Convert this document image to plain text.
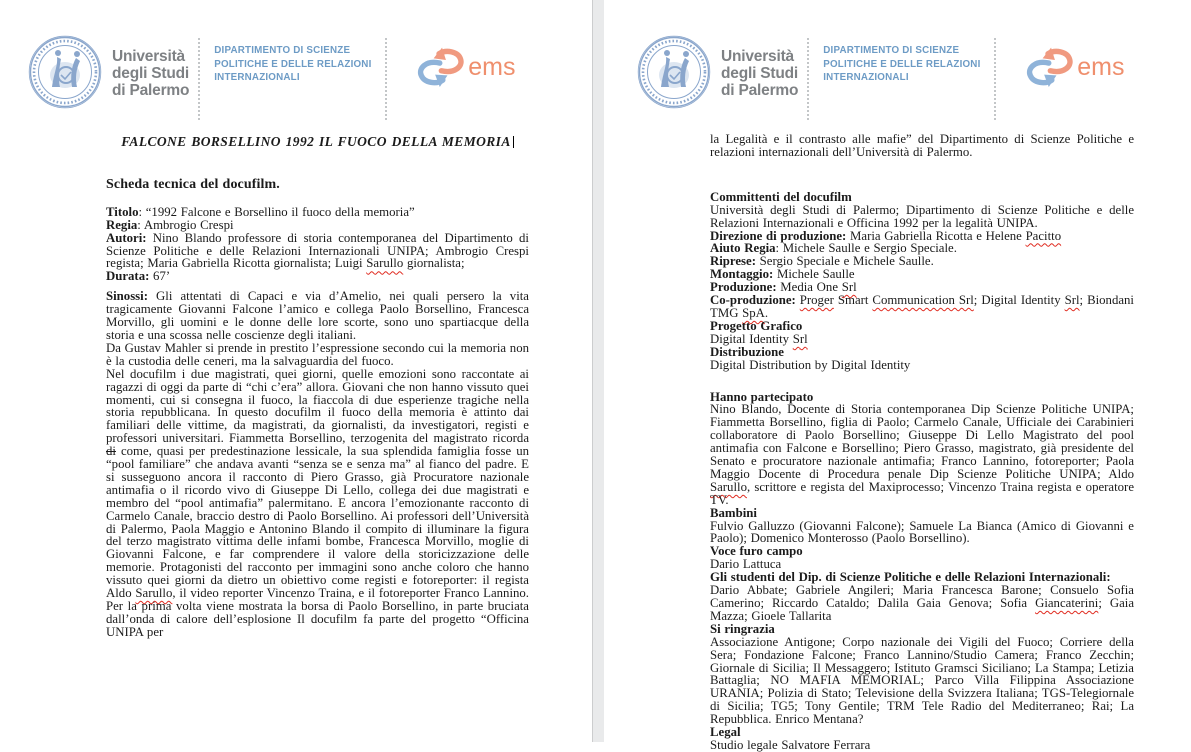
Università
degli Studi
di Palermo
DIPARTIMENTO DI SCIENZE
POLITICHE E DELLE RELAZIONI
INTERNAZIONALI	ems
FALCONE BORSELLINO 1992 IL FUOCO DELLA MEMORIA
Scheda tecnica del docufilm.
Titolo: “1992 Falcone e Borsellino il fuoco della memoria”
Regia: Ambrogio Crespi
Autori: Nino Blando professore di storia contemporanea del Dipartimento di Scienze Politiche e delle Relazioni Internazionali UNIPA; Ambrogio Crespi regista; Maria Gabriella Ricotta giornalista; Luigi Sarullo giornalista;
Durata: 67’
Sinossi: Gli attentati di Capaci e via d’Amelio, nei quali persero la vita tragicamente Giovanni Falcone l’amico e collega Paolo Borsellino, Francesca Morvillo, gli uomini e le donne delle lore scorte, sono uno spartiacque della storia e una scossa nelle coscienze degli italiani.
Da Gustav Mahler si prende in prestito l’espressione secondo cui la memoria non è la custodia delle ceneri, ma la salvaguardia del fuoco.
Nel docufilm i due magistrati, quei giorni, quelle emozioni sono raccontate ai ragazzi di oggi da parte di “chi c’era” allora. Giovani che non hanno vissuto quei momenti, cui si consegna il fuoco, la fiaccola di due esperienze tragiche nella storia repubblicana. In questo docufilm il fuoco della memoria è attinto dai familiari delle vittime, da magistrati, da giornalisti, da investigatori, registi e professori universitari. Fiammetta Borsellino, terzogenita del magistrato ricorda di come, quasi per predestinazione lessicale, la sua splendida famiglia fosse un “pool familiare” che andava avanti “senza se e senza ma” al fianco del padre. E si susseguono ancora il racconto di Piero Grasso, già Procuratore nazionale antimafia o il ricordo vivo di Giuseppe Di Lello, collega dei due magistrati e membro del “pool antimafia” palermitano. E ancora l’emozionante racconto di Carmelo Canale, braccio destro di Paolo Borsellino. Ai professori dell’Università di Palermo, Paola Maggio e Antonino Blando il compito di illuminare la figura del terzo magistrato vittima delle infami bombe, Francesca Morvillo, moglie di Giovanni Falcone, e far comprendere il valore della storicizzazione delle memorie. Protagonisti del racconto per immagini sono anche coloro che hanno vissuto quei giorni da dietro un obiettivo come registi e fotoreporter: il regista Aldo Sarullo, il video reporter Vincenzo Traina, e il fotoreporter Franco Lannino. Per la prima volta viene mostrata la borsa di Paolo Borsellino, in parte bruciata dall’onda di calore dell’esplosione Il docufilm fa parte del progetto “Officina UNIPA per
Università
degli Studi
di Palermo
DIPARTIMENTO DI SCIENZE
POLITICHE E DELLE RELAZIONI
INTERNAZIONALI	ems
la Legalità e il contrasto alle mafie” del Dipartimento di Scienze Politiche e relazioni internazionali dell’Università di Palermo.
Committenti del docufilm
Università degli Studi di Palermo; Dipartimento di Scienze Politiche e delle Relazioni Internazionali e Officina 1992 per la legalità UNIPA.
Direzione di produzione: Maria Gabriella Ricotta e Helene Pacitto
Aiuto Regia: Michele Saulle e Sergio Speciale.
Riprese: Sergio Speciale e Michele Saulle.
Montaggio: Michele Saulle
Produzione: Media One Srl
Co-produzione: Proger Smart Communication Srl; Digital Identity Srl; Biondani TMG SpA.
Progetto Grafico
Digital Identity Srl
Distribuzione
Digital Distribution by Digital Identity
Hanno partecipato
Nino Blando, Docente di Storia contemporanea Dip Scienze Politiche UNIPA; Fiammetta Borsellino, figlia di Paolo; Carmelo Canale, Ufficiale dei Carabinieri collaboratore di Paolo Borsellino; Giuseppe Di Lello Magistrato del pool antimafia con Falcone e Borsellino; Piero Grasso, magistrato, già presidente del Senato e procuratore nazionale antimafia; Franco Lannino, fotoreporter; Paola Maggio Docente di Procedura penale Dip Scienze Politiche UNIPA; Aldo Sarullo, scrittore e regista del Maxiprocesso; Vincenzo Traina regista e operatore TV.
Bambini
Fulvio Galluzzo (Giovanni Falcone); Samuele La Bianca (Amico di Giovanni e Paolo); Domenico Monterosso (Paolo Borsellino).
Voce furo campo
Dario Lattuca
Gli studenti del Dip. di Scienze Politiche e delle Relazioni Internazionali:
Dario Abbate; Gabriele Angileri; Maria Francesca Barone; Consuelo Sofia Camerino; Riccardo Cataldo; Dalila Gaia Genova; Sofia Giancaterini; Gaia Mazza; Gioele Tallarita
Si ringrazia
Associazione Antigone; Corpo nazionale dei Vigili del Fuoco; Corriere della Sera; Fondazione Falcone; Franco Lannino/Studio Camera; Franco Zecchin; Giornale di Sicilia; Il Messaggero; Istituto Gramsci Siciliano; La Stampa; Letizia Battaglia; NO MAFIA MEMORIAL; Parco Villa Filippina Associazione URANIA; Polizia di Stato; Televisione della Svizzera Italiana; TGS-Telegiornale di Sicilia; TG5; Tony Gentile; TRM Tele Radio del Mediterraneo; Rai; La Repubblica. Enrico Mentana?
Legal
Studio legale Salvatore Ferrara
